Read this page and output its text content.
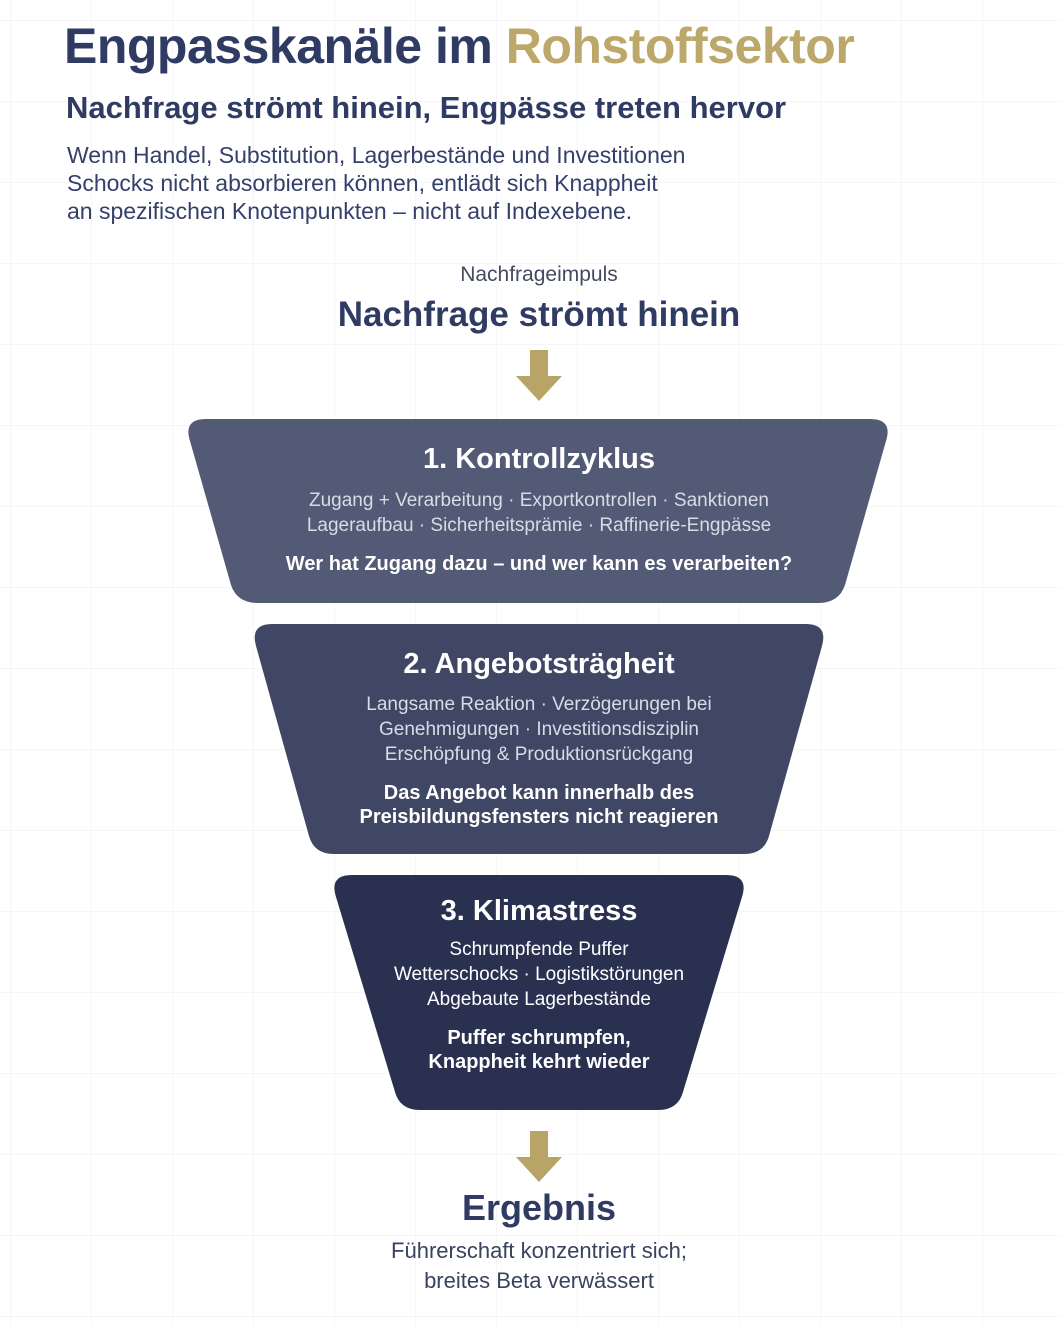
Engpasskanäle im Rohstoffsektor
Nachfrage strömt hinein, Engpässe treten hervor

Wenn Handel, Substitution, Lagerbestände und Investitionen
Schocks nicht absorbieren können, entlädt sich Knappheit
an spezifischen Knotenpunkten – nicht auf Indexebene.

Nachfrageimpuls
Nachfrage strömt hinein
1. Kontrollzyklus
Zugang + Verarbeitung · Exportkontrollen · Sanktionen
Lageraufbau · Sicherheitsprämie · Raffinerie-Engpässe
Wer hat Zugang dazu – und wer kann es verarbeiten?
2. Angebotsträgheit
Langsame Reaktion · Verzögerungen bei
Genehmigungen · Investitionsdisziplin
Erschöpfung & Produktionsrückgang
Das Angebot kann innerhalb des
Preisbildungsfensters nicht reagieren
3. Klimastress
Schrumpfende Puffer
Wetterschocks · Logistikstörungen
Abgebaute Lagerbestände
Puffer schrumpfen,
Knappheit kehrt wieder
Ergebnis
Führerschaft konzentriert sich;
breites Beta verwässert
